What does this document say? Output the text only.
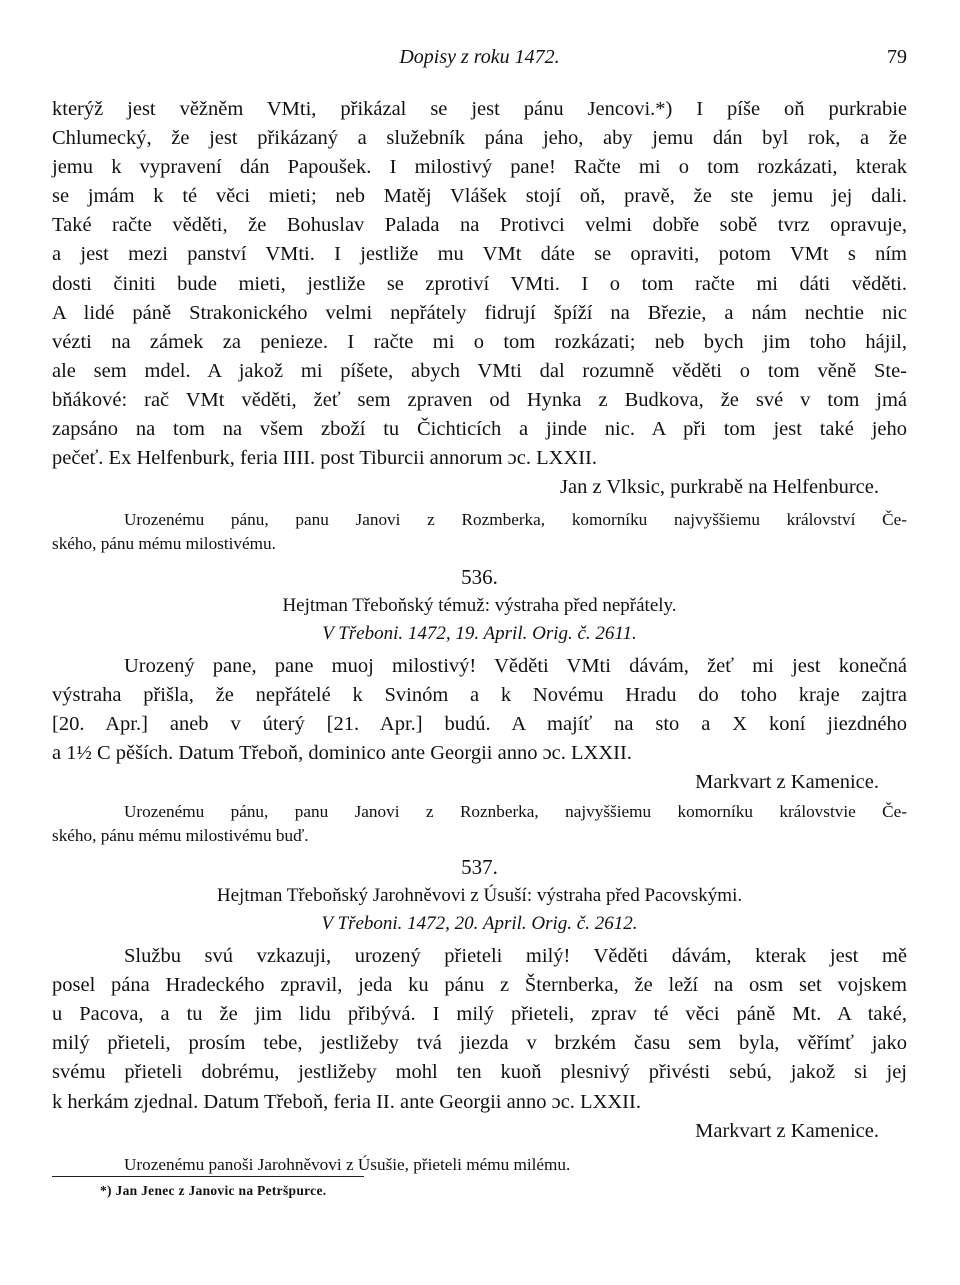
Dopisy z roku 1472.	79
kterýž jest věžněm VMti, přikázal se jest pánu Jencovi.*) I píše oň purkrabie
Chlumecký, že jest přikázaný a služebník pána jeho, aby jemu dán byl rok, a že
jemu k vypravení dán Papoušek. I milostivý pane! Račte mi o tom rozkázati, kterak
se jmám k té věci mieti; neb Matěj Vlášek stojí oň, pravě, že ste jemu jej dali.
Také račte věděti, že Bohuslav Palada na Protivci velmi dobře sobě tvrz opravuje,
a jest mezi panství VMti. I jestliže mu VMt dáte se opraviti, potom VMt s ním
dosti činiti bude mieti, jestliže se zprotiví VMti. I o tom račte mi dáti věděti.
A lidé páně Strakonického velmi nepřátely fidrují špíží na Březie, a nám nechtie nic
vézti na zámek za penieze. I račte mi o tom rozkázati; neb bych jim toho hájil,
ale sem mdel. A jakož mi píšete, abych VMti dal rozumně věděti o tom věně Ste-
bňákové: rač VMt věděti, žeť sem zpraven od Hynka z Budkova, že své v tom jmá
zapsáno na tom na všem zboží tu Čichticích a jinde nic. A při tom jest také jeho
pečeť. Ex Helfenburk, feria IIII. post Tiburcii annorum ɔc. LXXII.
Jan z Vlksic, purkrabě na Helfenburce.
Urozenému pánu, panu Janovi z Rozmberka, komorníku najvyššiemu království Če-
ského, pánu mému milostivému.
536.
Hejtman Třeboňský témuž: výstraha před nepřátely.
V Třeboni. 1472, 19. April. Orig. č. 2611.
Urozený pane, pane muoj milostivý! Věděti VMti dávám, žeť mi jest konečná
výstraha přišla, že nepřátelé k Svinóm a k Novému Hradu do toho kraje zajtra
[20. Apr.] aneb v úterý [21. Apr.] budú. A majíť na sto a X koní jiezdného
a 1½ C pěších. Datum Třeboň, dominico ante Georgii anno ɔc. LXXII.
Markvart z Kamenice.
Urozenému pánu, panu Janovi z Roznberka, najvyššiemu komorníku královstvie Če-
ského, pánu mému milostivému buď.
537.
Hejtman Třeboňský Jarohněvovi z Úsuší: výstraha před Pacovskými.
V Třeboni. 1472, 20. April. Orig. č. 2612.
Službu svú vzkazuji, urozený přieteli milý! Věděti dávám, kterak jest mě
posel pána Hradeckého zpravil, jeda ku pánu z Šternberka, že leží na osm set vojskem
u Pacova, a tu že jim lidu přibývá. I milý přieteli, zprav té věci páně Mt. A také,
milý přieteli, prosím tebe, jestližeby tvá jiezda v brzkém času sem byla, věřímť jako
svému přieteli dobrému, jestližeby mohl ten kuoň plesnivý přivésti sebú, jakož si jej
k herkám zjednal. Datum Třeboň, feria II. ante Georgii anno ɔc. LXXII.
Markvart z Kamenice.
Urozenému panoši Jarohněvovi z Úsušie, přieteli mému milému.
*) Jan Jenec z Janovic na Petršpurce.
